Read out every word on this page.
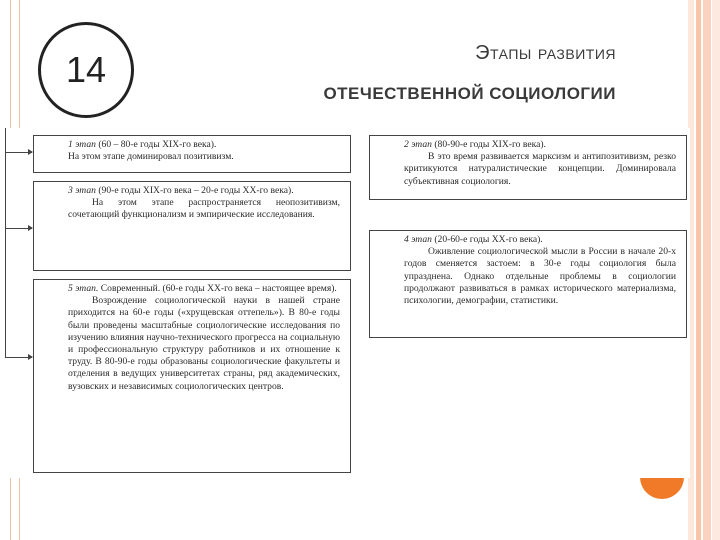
14	Этапы развития
ОТЕЧЕСТВЕННОЙ СОЦИОЛОГИИ

1 этап (60 – 80-е годы XIX-го века).

На этом этапе доминировал позитивизм.

3 этап (90-е годы XIX-го века – 20-е годы XX-го века).

На этом этапе распространяется неопозитивизм, сочетающий функционализм и эмпирические исследования.

5 этап. Современный. (60-е годы XX-го века – настоящее время).

Возрождение социологической науки в нашей стране приходится на 60-е годы («хрущевская оттепель»). В 80-е годы были проведены масштабные социологические исследования по изучению влияния научно-технического прогресса на социальную и профессиональную структуру работников и их отношение к труду. В 80-90-е годы образованы социологические факультеты и отделения в ведущих университетах страны, ряд академических, вузовских и независимых социологических центров.

2 этап (80-90-е годы XIX-го века).

В это время развивается марксизм и антипозитивизм, резко критикуются натуралистические концепции. Доминировала субъективная социология.

4 этап (20-60-е годы XX-го века).

Оживление социологической мысли в России в начале 20-х годов сменяется застоем: в 30-е годы социология была упразднена. Однако отдельные проблемы в социологии продолжают развиваться в рамках исторического материализма, психологии, демографии, статистики.
